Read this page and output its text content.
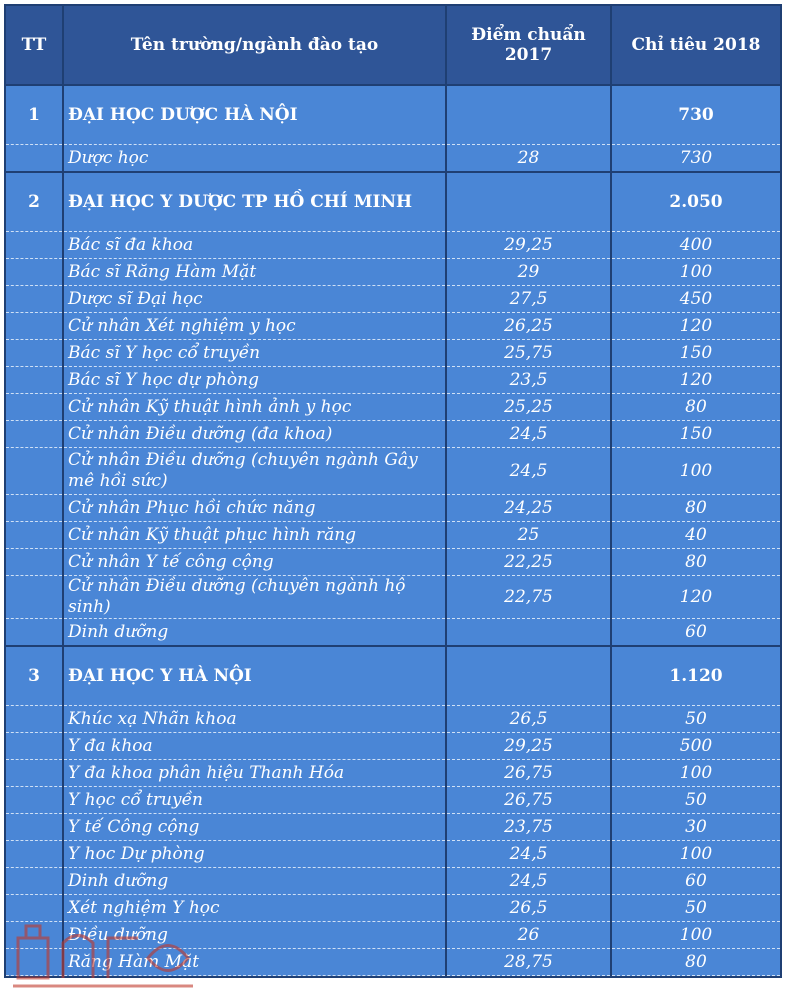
TT	Tên trường/ngành đào tạo	Điểm chuẩn 2017	Chỉ tiêu 2018
1	ĐẠI HỌC DƯỢC HÀ NỘI		730
	Dược học	28	730
2	ĐẠI HỌC Y DƯỢC TP HỒ CHÍ MINH		2.050
	Bác sĩ đa khoa	29,25	400
	Bác sĩ Răng Hàm Mặt	29	100
	Dược sĩ Đại học	27,5	450
	Cử nhân Xét nghiệm y học	26,25	120
	Bác sĩ Y học cổ truyền	25,75	150
	Bác sĩ Y học dự phòng	23,5	120
	Cử nhân Kỹ thuật hình ảnh y học	25,25	80
	Cử nhân Điều dưỡng (đa khoa)	24,5	150
	Cử nhân Điều dưỡng (chuyên ngành Gây mê hồi sức)	24,5	100
	Cử nhân Phục hồi chức năng	24,25	80
	Cử nhân Kỹ thuật phục hình răng	25	40
	Cử nhân Y tế công cộng	22,25	80
	Cử nhân Điều dưỡng (chuyên ngành hộ sinh)	22,75	120
	Dinh dưỡng		60
3	ĐẠI HỌC Y HÀ NỘI		1.120
	Khúc xạ Nhãn khoa	26,5	50
	Y đa khoa	29,25	500
	Y đa khoa phân hiệu Thanh Hóa	26,75	100
	Y học cổ truyền	26,75	50
	Y tế Công cộng	23,75	30
	Y hoc Dự phòng	24,5	100
	Dinh dưỡng	24,5	60
	Xét nghiệm Y học	26,5	50
	Điều dưỡng	26	100
	Răng Hàm Mặt	28,75	80
